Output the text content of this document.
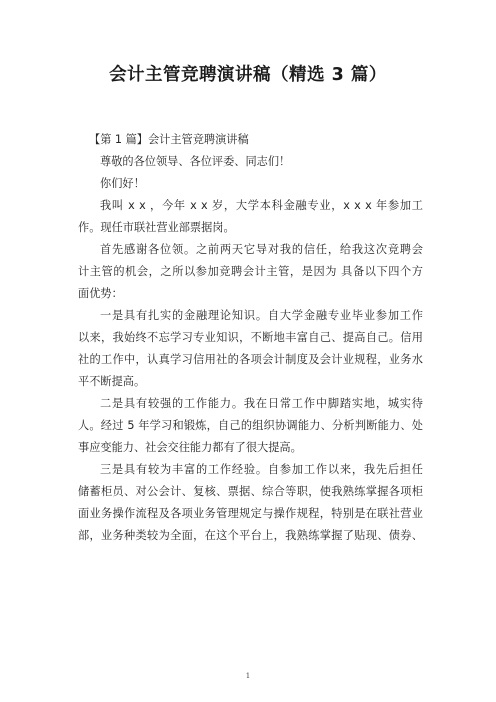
会计主管竞聘演讲稿（精选 3 篇）
【第 1 篇】会计主管竞聘演讲稿
尊敬的各位领导、各位评委、同志们！
你们好！
我叫 x x ，今年 x x 岁，大学本科金融专业，x x x 年参加工
作。现任市联社营业部票据岗。
首先感谢各位领。之前两天它导对我的信任，给我这次竞聘会
计主管的机会，之所以参加竞聘会计主管，是因为 具备以下四个方
面优势：
一是具有扎实的金融理论知识。自大学金融专业毕业参加工作
以来，我始终不忘学习专业知识，不断地丰富自己、提高自己。信用
社的工作中，认真学习信用社的各项会计制度及会计业规程，业务水
平不断提高。
二是具有较强的工作能力。我在日常工作中脚踏实地，城实待
人。经过 5 年学习和锻炼，自己的组织协调能力、分析判断能力、处
事应变能力、社会交往能力都有了很大提高。
三是具有较为丰富的工作经验。自参加工作以来，我先后担任
储蓄柜员、对公会计、复核、票据、综合等职，使我熟练掌握各项柜
面业务操作流程及各项业务管理规定与操作规程，特别是在联社营业
部，业务种类较为全面，在这个平台上，我熟练掌握了贴现、债券、
1
